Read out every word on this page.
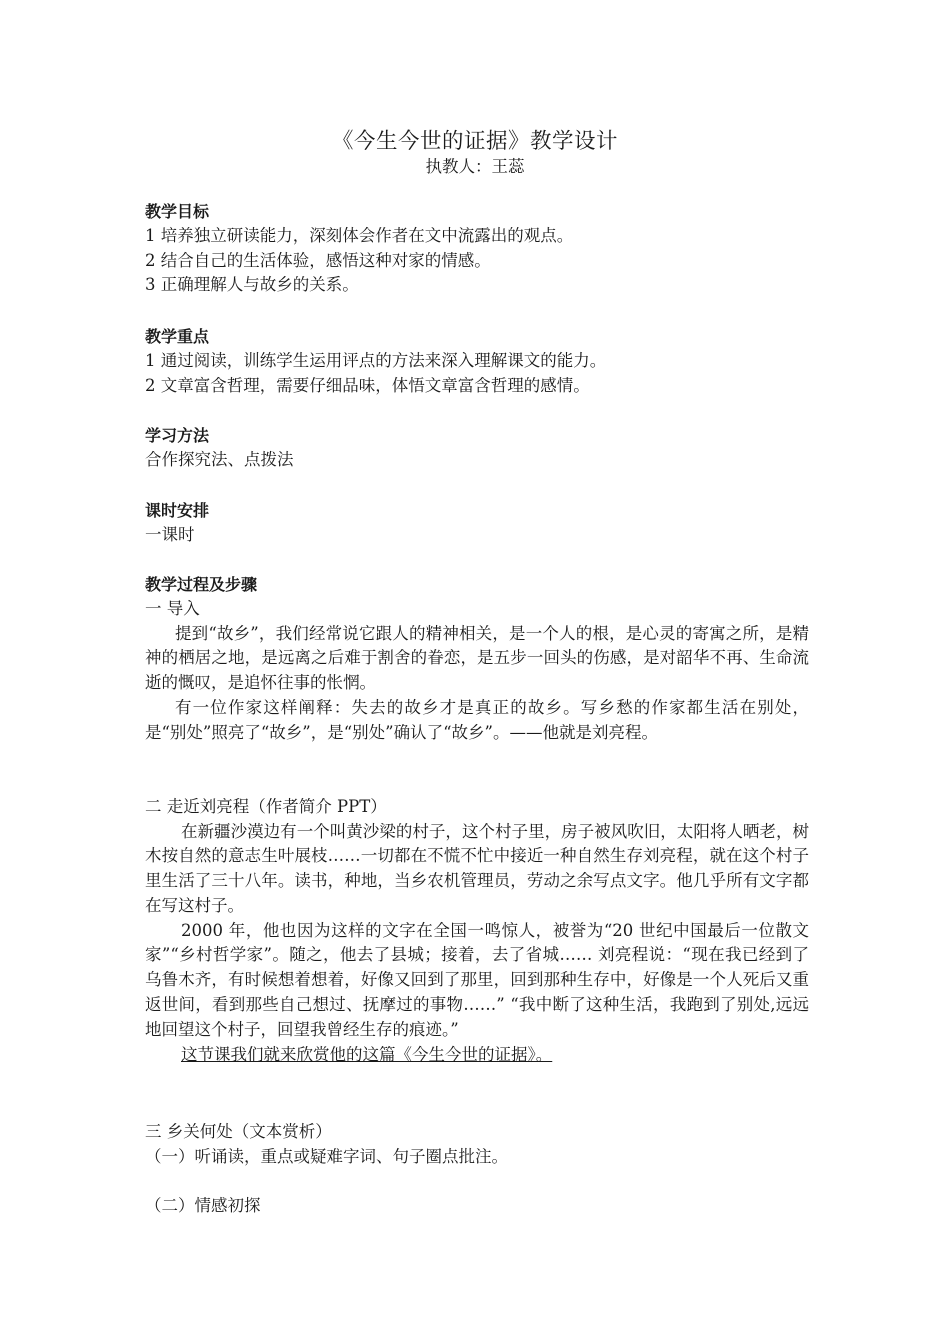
《今生今世的证据》教学设计
执教人：王蕊

教学目标

1 培养独立研读能力，深刻体会作者在文中流露出的观点。

2 结合自己的生活体验，感悟这种对家的情感。

3 正确理解人与故乡的关系。

教学重点

1 通过阅读，训练学生运用评点的方法来深入理解课文的能力。

2 文章富含哲理，需要仔细品味，体悟文章富含哲理的感情。

学习方法

合作探究法、点拨法

课时安排

一课时

教学过程及步骤

一 导入

提到“故乡”，我们经常说它跟人的精神相关，是一个人的根，是心灵的寄寓之所，是精神的栖居之地，是远离之后难于割舍的眷恋，是五步一回头的伤感，是对韶华不再、生命流逝的慨叹，是追怀往事的怅惘。

有一位作家这样阐释：失去的故乡才是真正的故乡。写乡愁的作家都生活在别处，是“别处”照亮了“故乡”，是“别处”确认了“故乡”。——他就是刘亮程。

二 走近刘亮程（作者简介 PPT）

在新疆沙漠边有一个叫黄沙梁的村子，这个村子里，房子被风吹旧，太阳将人晒老，树木按自然的意志生叶展枝……一切都在不慌不忙中接近一种自然生存刘亮程，就在这个村子里生活了三十八年。读书，种地，当乡农机管理员，劳动之余写点文字。他几乎所有文字都在写这村子。

2000 年，他也因为这样的文字在全国一鸣惊人，被誉为“20 世纪中国最后一位散文家”“乡村哲学家”。随之，他去了县城；接着，去了省城…… 刘亮程说：“现在我已经到了乌鲁木齐，有时候想着想着，好像又回到了那里，回到那种生存中，好像是一个人死后又重返世间，看到那些自己想过、抚摩过的事物……” “我中断了这种生活，我跑到了别处,远远地回望这个村子，回望我曾经生存的痕迹。”

这节课我们就来欣赏他的这篇《今生今世的证据》。

三 乡关何处（文本赏析）

（一）听诵读，重点或疑难字词、句子圈点批注。

（二）情感初探
